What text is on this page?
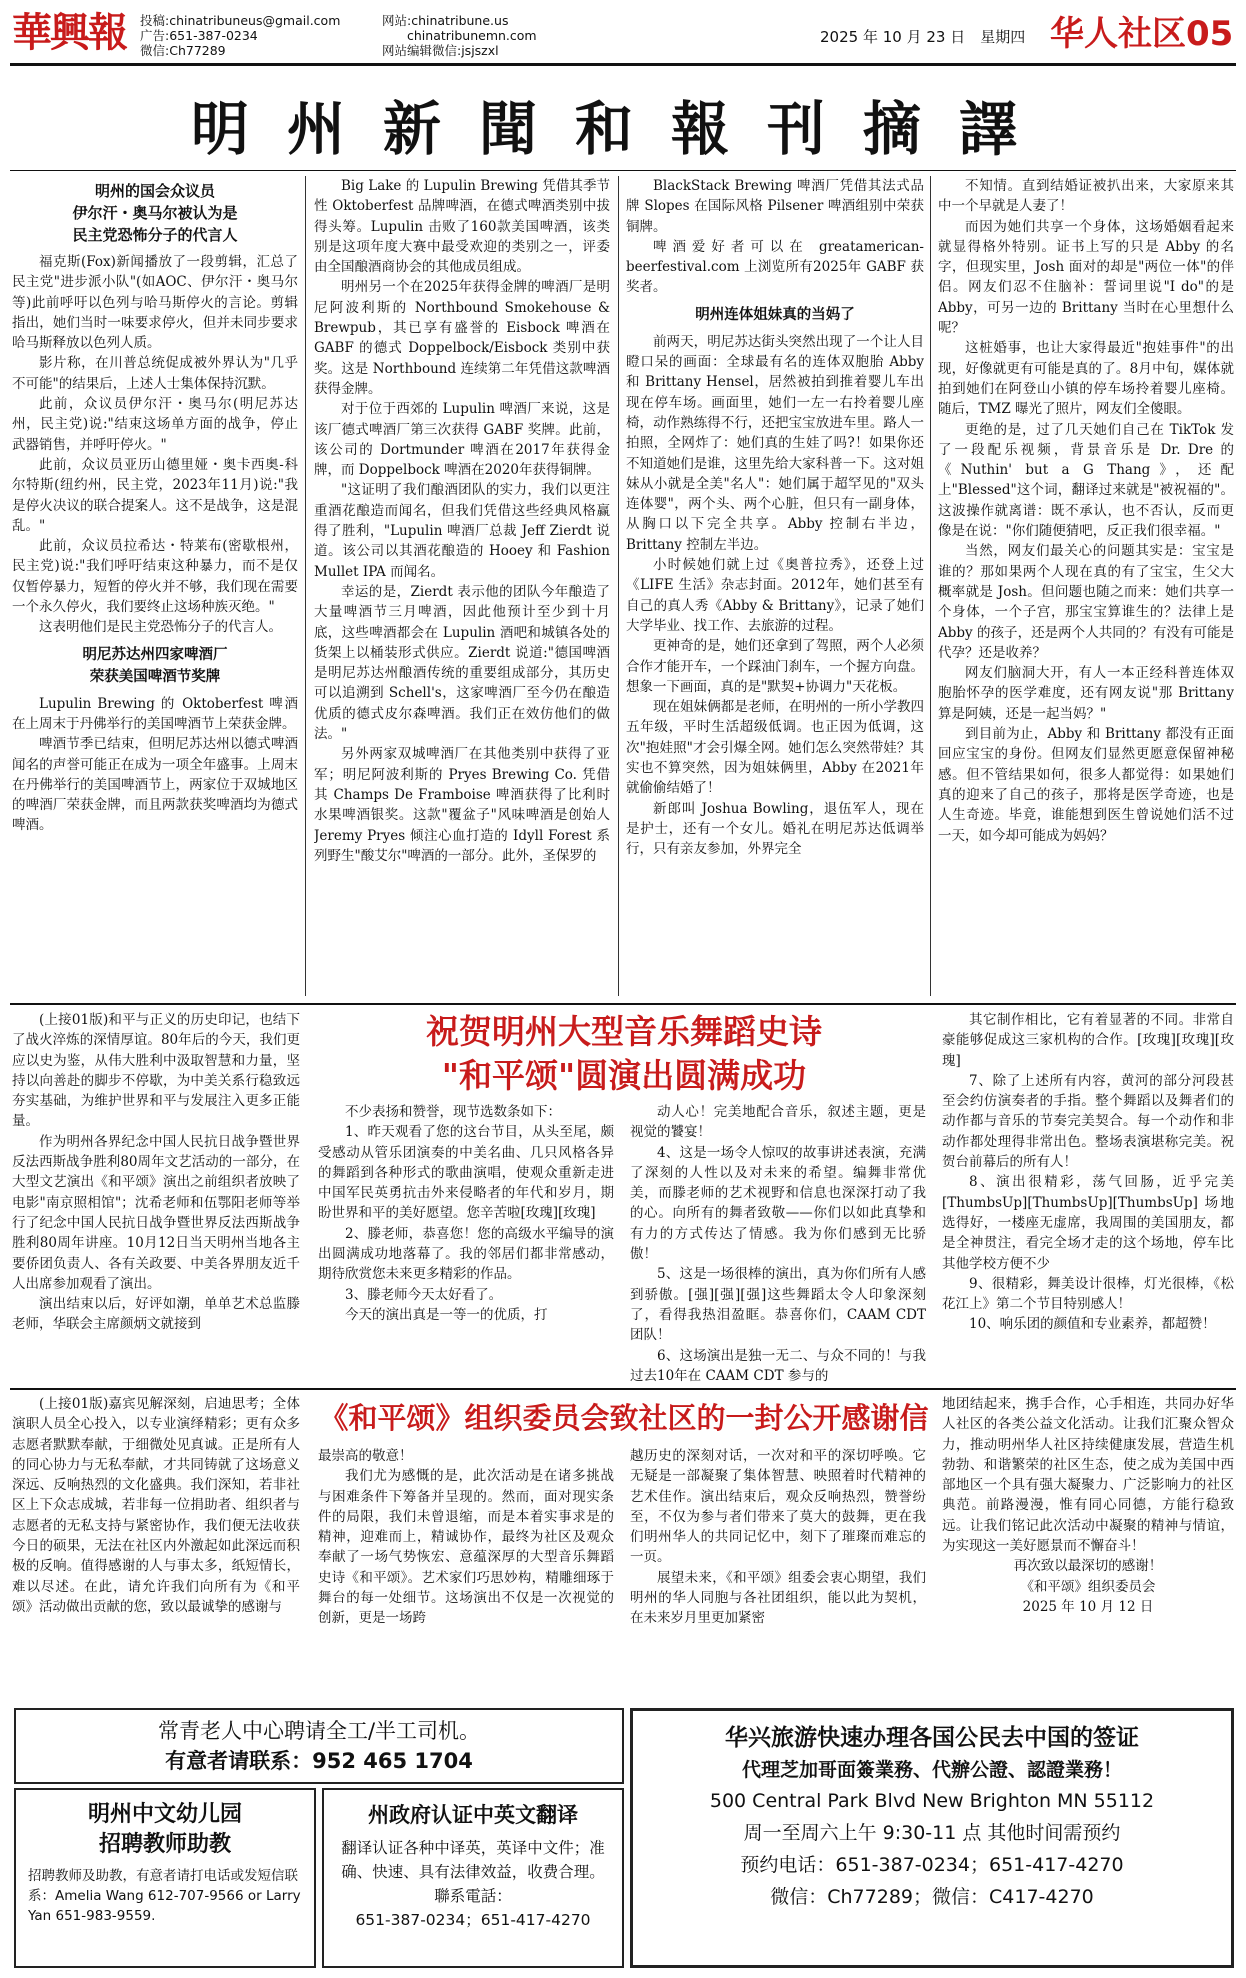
華興報	投稿:chinatribuneus@gmail.com
广告:651-387-0234
微信:Ch77289
网站:chinatribune.us
chinatribunemn.com
网站编辑微信:jsjszxl
2025 年 10 月 23 日　星期四 华人社区05
明州新聞和報刊摘譯
明州的国会众议员
伊尔汗・奥马尔被认为是
民主党恐怖分子的代言人

福克斯(Fox)新闻播放了一段剪辑，汇总了民主党"进步派小队"(如AOC、伊尔汗・奥马尔等)此前呼吁以色列与哈马斯停火的言论。剪辑指出，她们当时一味要求停火，但并未同步要求哈马斯释放以色列人质。

影片称，在川普总统促成被外界认为"几乎不可能"的结果后，上述人士集体保持沉默。

此前，众议员伊尔汗・奥马尔(明尼苏达州，民主党)说:"结束这场单方面的战争，停止武器销售，并呼吁停火。"

此前，众议员亚历山德里娅・奥卡西奥-科尔特斯(纽约州，民主党，2023年11月)说:"我是停火决议的联合提案人。这不是战争，这是混乱。"

此前，众议员拉希达・特莱布(密歇根州，民主党)说:"我们呼吁结束这种暴力，而不是仅仅暂停暴力，短暂的停火并不够，我们现在需要一个永久停火，我们要终止这场种族灭绝。"

这表明他们是民主党恐怖分子的代言人。

明尼苏达州四家啤酒厂
荣获美国啤酒节奖牌

Lupulin Brewing 的 Oktoberfest 啤酒在上周末于丹佛举行的美国啤酒节上荣获金牌。

啤酒节季已结束，但明尼苏达州以德式啤酒闻名的声誉可能正在成为一项全年盛事。上周末在丹佛举行的美国啤酒节上，两家位于双城地区的啤酒厂荣获金牌，而且两款获奖啤酒均为德式啤酒。

Big Lake 的 Lupulin Brewing 凭借其季节性 Oktoberfest 品牌啤酒，在德式啤酒类别中拔得头筹。Lupulin 击败了160款美国啤酒，该类别是这项年度大赛中最受欢迎的类别之一，评委由全国酿酒商协会的其他成员组成。

明州另一个在2025年获得金牌的啤酒厂是明尼阿波利斯的 Northbound Smokehouse & Brewpub，其已享有盛誉的 Eisbock 啤酒在 GABF 的德式 Doppelbock/Eisbock 类别中获奖。这是 Northbound 连续第二年凭借这款啤酒获得金牌。

对于位于西郊的 Lupulin 啤酒厂来说，这是该厂德式啤酒厂第三次获得 GABF 奖牌。此前，该公司的 Dortmunder 啤酒在2017年获得金牌，而 Doppelbock 啤酒在2020年获得铜牌。

"这证明了我们酿酒团队的实力，我们以更注重酒花酿造而闻名，但我们凭借这些经典风格赢得了胜利，"Lupulin 啤酒厂总裁 Jeff Zierdt 说道。该公司以其酒花酿造的 Hooey 和 Fashion Mullet IPA 而闻名。

幸运的是，Zierdt 表示他的团队今年酿造了大量啤酒节三月啤酒，因此他预计至少到十月底，这些啤酒都会在 Lupulin 酒吧和城镇各处的货架上以桶装形式供应。Zierdt 说道:"德国啤酒是明尼苏达州酿酒传统的重要组成部分，其历史可以追溯到 Schell's，这家啤酒厂至今仍在酿造优质的德式皮尔森啤酒。我们正在效仿他们的做法。"

另外两家双城啤酒厂在其他类别中获得了亚军；明尼阿波利斯的 Pryes Brewing Co. 凭借其 Champs De Framboise 啤酒获得了比利时水果啤酒银奖。这款"覆盆子"风味啤酒是创始人 Jeremy Pryes 倾注心血打造的 Idyll Forest 系列野生"酸艾尔"啤酒的一部分。此外，圣保罗的

BlackStack Brewing 啤酒厂凭借其法式品牌 Slopes 在国际风格 Pilsener 啤酒组别中荣获铜牌。

啤酒爱好者可以在 greatamerican-beerfestival.com 上浏览所有2025年 GABF 获奖者。

明州连体姐妹真的当妈了

前两天，明尼苏达街头突然出现了一个让人目瞪口呆的画面：全球最有名的连体双胞胎 Abby 和 Brittany Hensel，居然被拍到推着婴儿车出现在停车场。画面里，她们一左一右拎着婴儿座椅，动作熟练得不行，还把宝宝放进车里。路人一拍照，全网炸了：她们真的生娃了吗?！如果你还不知道她们是谁，这里先给大家科普一下。这对姐妹从小就是全美"名人"：她们属于超罕见的"双头连体婴"，两个头、两个心脏，但只有一副身体，从胸口以下完全共享。Abby 控制右半边，Brittany 控制左半边。

小时候她们就上过《奥普拉秀》，还登上过《LIFE 生活》杂志封面。2012年，她们甚至有自己的真人秀《Abby & Brittany》，记录了她们大学毕业、找工作、去旅游的过程。

更神奇的是，她们还拿到了驾照，两个人必须合作才能开车，一个踩油门刹车，一个握方向盘。想象一下画面，真的是"默契+协调力"天花板。

现在姐妹俩都是老师，在明州的一所小学教四五年级，平时生活超级低调。也正因为低调，这次"抱娃照"才会引爆全网。她们怎么突然带娃？其实也不算突然，因为姐妹俩里，Abby 在2021年就偷偷结婚了！

新郎叫 Joshua Bowling，退伍军人，现在是护士，还有一个女儿。婚礼在明尼苏达低调举行，只有亲友参加，外界完全

不知情。直到结婚证被扒出来，大家原来其中一个早就是人妻了！

而因为她们共享一个身体，这场婚姻看起来就显得格外特别。证书上写的只是 Abby 的名字，但现实里，Josh 面对的却是"两位一体"的伴侣。网友们忍不住脑补：誓词里说"I do"的是 Abby，可另一边的 Brittany 当时在心里想什么呢？

这桩婚事，也让大家得最近"抱娃事件"的出现，好像就更有可能是真的了。8月中旬，媒体就拍到她们在阿登山小镇的停车场拎着婴儿座椅。随后，TMZ 曝光了照片，网友们全傻眼。

更绝的是，过了几天她们自己在 TikTok 发了一段配乐视频，背景音乐是 Dr. Dre 的《Nuthin' but a G Thang》，还配上"Blessed"这个词，翻译过来就是"被祝福的"。这波操作就离谱：既不承认，也不否认，反而更像是在说："你们随便猜吧，反正我们很幸福。"

当然，网友们最关心的问题其实是：宝宝是谁的？那如果两个人现在真的有了宝宝，生父大概率就是 Josh。但问题也随之而来：她们共享一个身体，一个子宫，那宝宝算谁生的？法律上是 Abby 的孩子，还是两个人共同的？有没有可能是代孕？还是收养？

网友们脑洞大开，有人一本正经科普连体双胞胎怀孕的医学难度，还有网友说"那 Brittany 算是阿姨，还是一起当妈？"

到目前为止，Abby 和 Brittany 都没有正面回应宝宝的身份。但网友们显然更愿意保留神秘感。但不管结果如何，很多人都觉得：如果她们真的迎来了自己的孩子，那将是医学奇迹，也是人生奇迹。毕竟，谁能想到医生曾说她们活不过一天，如今却可能成为妈妈？

(上接01版)和平与正义的历史印记，也结下了战火淬炼的深情厚谊。80年后的今天，我们更应以史为鉴，从伟大胜利中汲取智慧和力量，坚持以向善赴的脚步不停歇，为中美关系行稳致远夯实基础，为维护世界和平与发展注入更多正能量。

作为明州各界纪念中国人民抗日战争暨世界反法西斯战争胜利80周年文艺活动的一部分，在大型文艺演出《和平颂》演出之前组织者放映了电影"南京照相馆"；沈希老师和伍鄂阳老师等举行了纪念中国人民抗日战争暨世界反法西斯战争胜利80周年讲座。10月12日当天明州当地各主要侨团负责人、各有关政要、中美各界朋友近千人出席参加观看了演出。

演出结束以后，好评如潮，单单艺术总监滕老师，华联会主席颜炳文就接到

祝贺明州大型音乐舞蹈史诗
"和平颂"圆演出圆满成功

不少表扬和赞誉，现节选数条如下：

1、昨天观看了您的这台节目，从头至尾，颇受感动从管乐团演奏的中美名曲、几只风格各异的舞蹈到各种形式的歌曲演唱，使观众重新走进中国军民英勇抗击外来侵略者的年代和岁月，期盼世界和平的美好愿望。您辛苦啦[玫瑰][玫瑰]

2、滕老师，恭喜您！您的高级水平编导的演出圆满成功地落幕了。我的邻居们都非常感动，期待欣赏您未来更多精彩的作品。

3、滕老师今天太好看了。

今天的演出真是一等一的优质，打

动人心！完美地配合音乐，叙述主题，更是视觉的饕宴！

4、这是一场令人惊叹的故事讲述表演，充满了深刻的人性以及对未来的希望。编舞非常优美，而滕老师的艺术视野和信息也深深打动了我的心。向所有的舞者致敬——你们以如此真挚和有力的方式传达了情感。我为你们感到无比骄傲！

5、这是一场很棒的演出，真为你们所有人感到骄傲。[强][强][强]这些舞蹈太令人印象深刻了，看得我热泪盈眶。恭喜你们，CAAM CDT 团队！

6、这场演出是独一无二、与众不同的！与我过去10年在 CAAM CDT 参与的

其它制作相比，它有着显著的不同。非常自豪能够促成这三家机构的合作。[玫瑰][玫瑰][玫瑰]

7、除了上述所有内容，黄河的部分河段甚至会约仿演奏者的手指。整个舞蹈以及舞者们的动作都与音乐的节奏完美契合。每一个动作和非动作都处理得非常出色。整场表演堪称完美。祝贺台前幕后的所有人！

8、演出很精彩，荡气回肠，近乎完美[ThumbsUp][ThumbsUp][ThumbsUp] 场地选得好，一楼座无虚席，我周围的美国朋友，都是全神贯注，看完全场才走的这个场地，停车比其他学校方便不少

9、很精彩，舞美设计很棒，灯光很棒，《松花江上》第二个节目特别感人！

10、响乐团的颜值和专业素养，都超赞！

(上接01版)嘉宾见解深刻，启迪思考；全体演职人员全心投入，以专业演绎精彩；更有众多志愿者默默奉献，于细微处见真诚。正是所有人的同心协力与无私奉献，才共同铸就了这场意义深远、反响热烈的文化盛典。我们深知，若非社区上下众志成城，若非每一位捐助者、组织者与志愿者的无私支持与紧密协作，我们便无法收获今日的硕果，无法在社区内外激起如此深远而积极的反响。值得感谢的人与事太多，纸短情长，难以尽述。在此，请允许我们向所有为《和平颂》活动做出贡献的您，致以最诚挚的感谢与

《和平颂》组织委员会致社区的一封公开感谢信

最崇高的敬意！

我们尤为感慨的是，此次活动是在诸多挑战与困难条件下筹备并呈现的。然而，面对现实条件的局限，我们未曾退缩，而是本着实事求是的精神，迎难而上，精诚协作，最终为社区及观众奉献了一场气势恢宏、意蕴深厚的大型音乐舞蹈史诗《和平颂》。艺术家们巧思妙构，精雕细琢于舞台的每一处细节。这场演出不仅是一次视觉的创新，更是一场跨

越历史的深刻对话，一次对和平的深切呼唤。它无疑是一部凝聚了集体智慧、映照着时代精神的艺术佳作。演出结束后，观众反响热烈，赞誉纷至，不仅为参与者们带来了莫大的鼓舞，更在我们明州华人的共同记忆中，刻下了璀璨而难忘的一页。

展望未来，《和平颂》组委会衷心期望，我们明州的华人同胞与各社团组织，能以此为契机，在未来岁月里更加紧密

地团结起来，携手合作，心手相连，共同办好华人社区的各类公益文化活动。让我们汇聚众智众力，推动明州华人社区持续健康发展，营造生机勃勃、和谐繁荣的社区生态，使之成为美国中西部地区一个具有强大凝聚力、广泛影响力的社区典范。前路漫漫，惟有同心同德，方能行稳致远。让我们铭记此次活动中凝聚的精神与情谊，为实现这一美好愿景而不懈奋斗！

再次致以最深切的感谢！

《和平颂》组织委员会

2025 年 10 月 12 日

常青老人中心聘请全工/半工司机。
有意者请联系：952 465 1704
明州中文幼儿园
招聘教师助教
招聘教师及助教，有意者请打电话或发短信联系：Amelia Wang 612-707-9566 or Larry Yan 651-983-9559.
州政府认证中英文翻译
翻译认证各种中译英，英译中文件；准确、快速、具有法律效益，收费合理。聯系電話：
651-387-0234；651-417-4270
华兴旅游快速办理各国公民去中国的签证
代理芝加哥面簽業務、代辦公證、認證業務！
500 Central Park Blvd New Brighton MN 55112
周一至周六上午 9:30-11 点 其他时间需预约
预约电话：651-387-0234；651-417-4270
微信：Ch77289；微信：C417-4270
